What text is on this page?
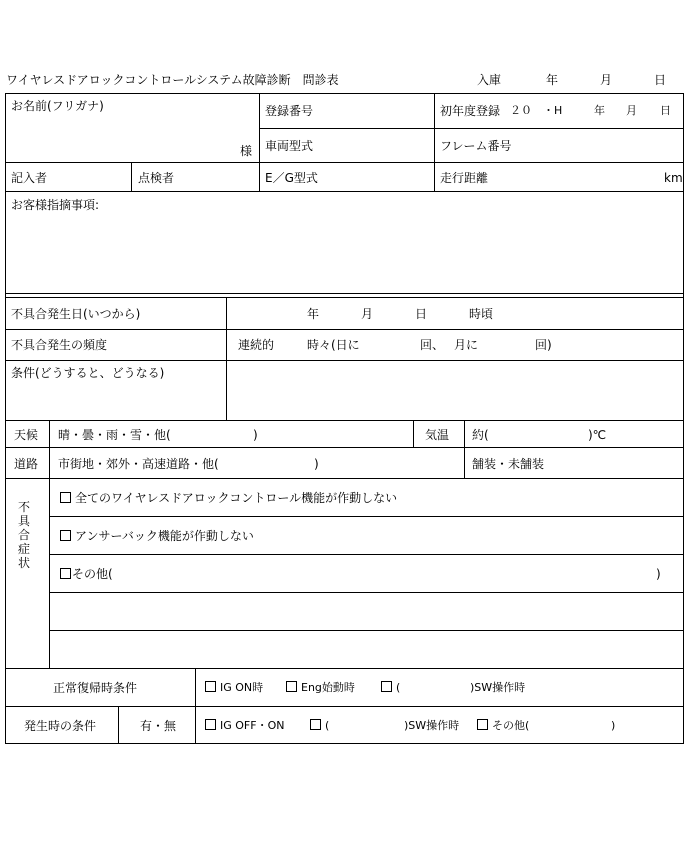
ワイヤレスドアロックコントロールシステム故障診断　問診表	入庫	年	月	日
お名前(フリガナ)
様
登録番号	初年度登録 ２０　・H	年 月 日
車両型式	フレーム番号
記入者	点検者	E／G型式	走行距離	km
お客様指摘事項:
不具合発生日(いつから)	年	月	日	時頃
不具合発生の頻度	連続的	時々(日に	回、 月に	回)
条件(どうすると、どうなる)
天候 晴・曇・雨・雪・他(	)	気温 約(	)℃
道路 市街地・郊外・高速道路・他(	)	舗装・未舗装
不具合症状
全てのワイヤレスドアロックコントロール機能が作動しない
アンサーバック機能が作動しない
その他(	)
正常復帰時条件	IG ON時	Eng始動時	(	)SW操作時
発生時の条件	有・無	IG OFF・ON	(	)SW操作時	その他(	)
